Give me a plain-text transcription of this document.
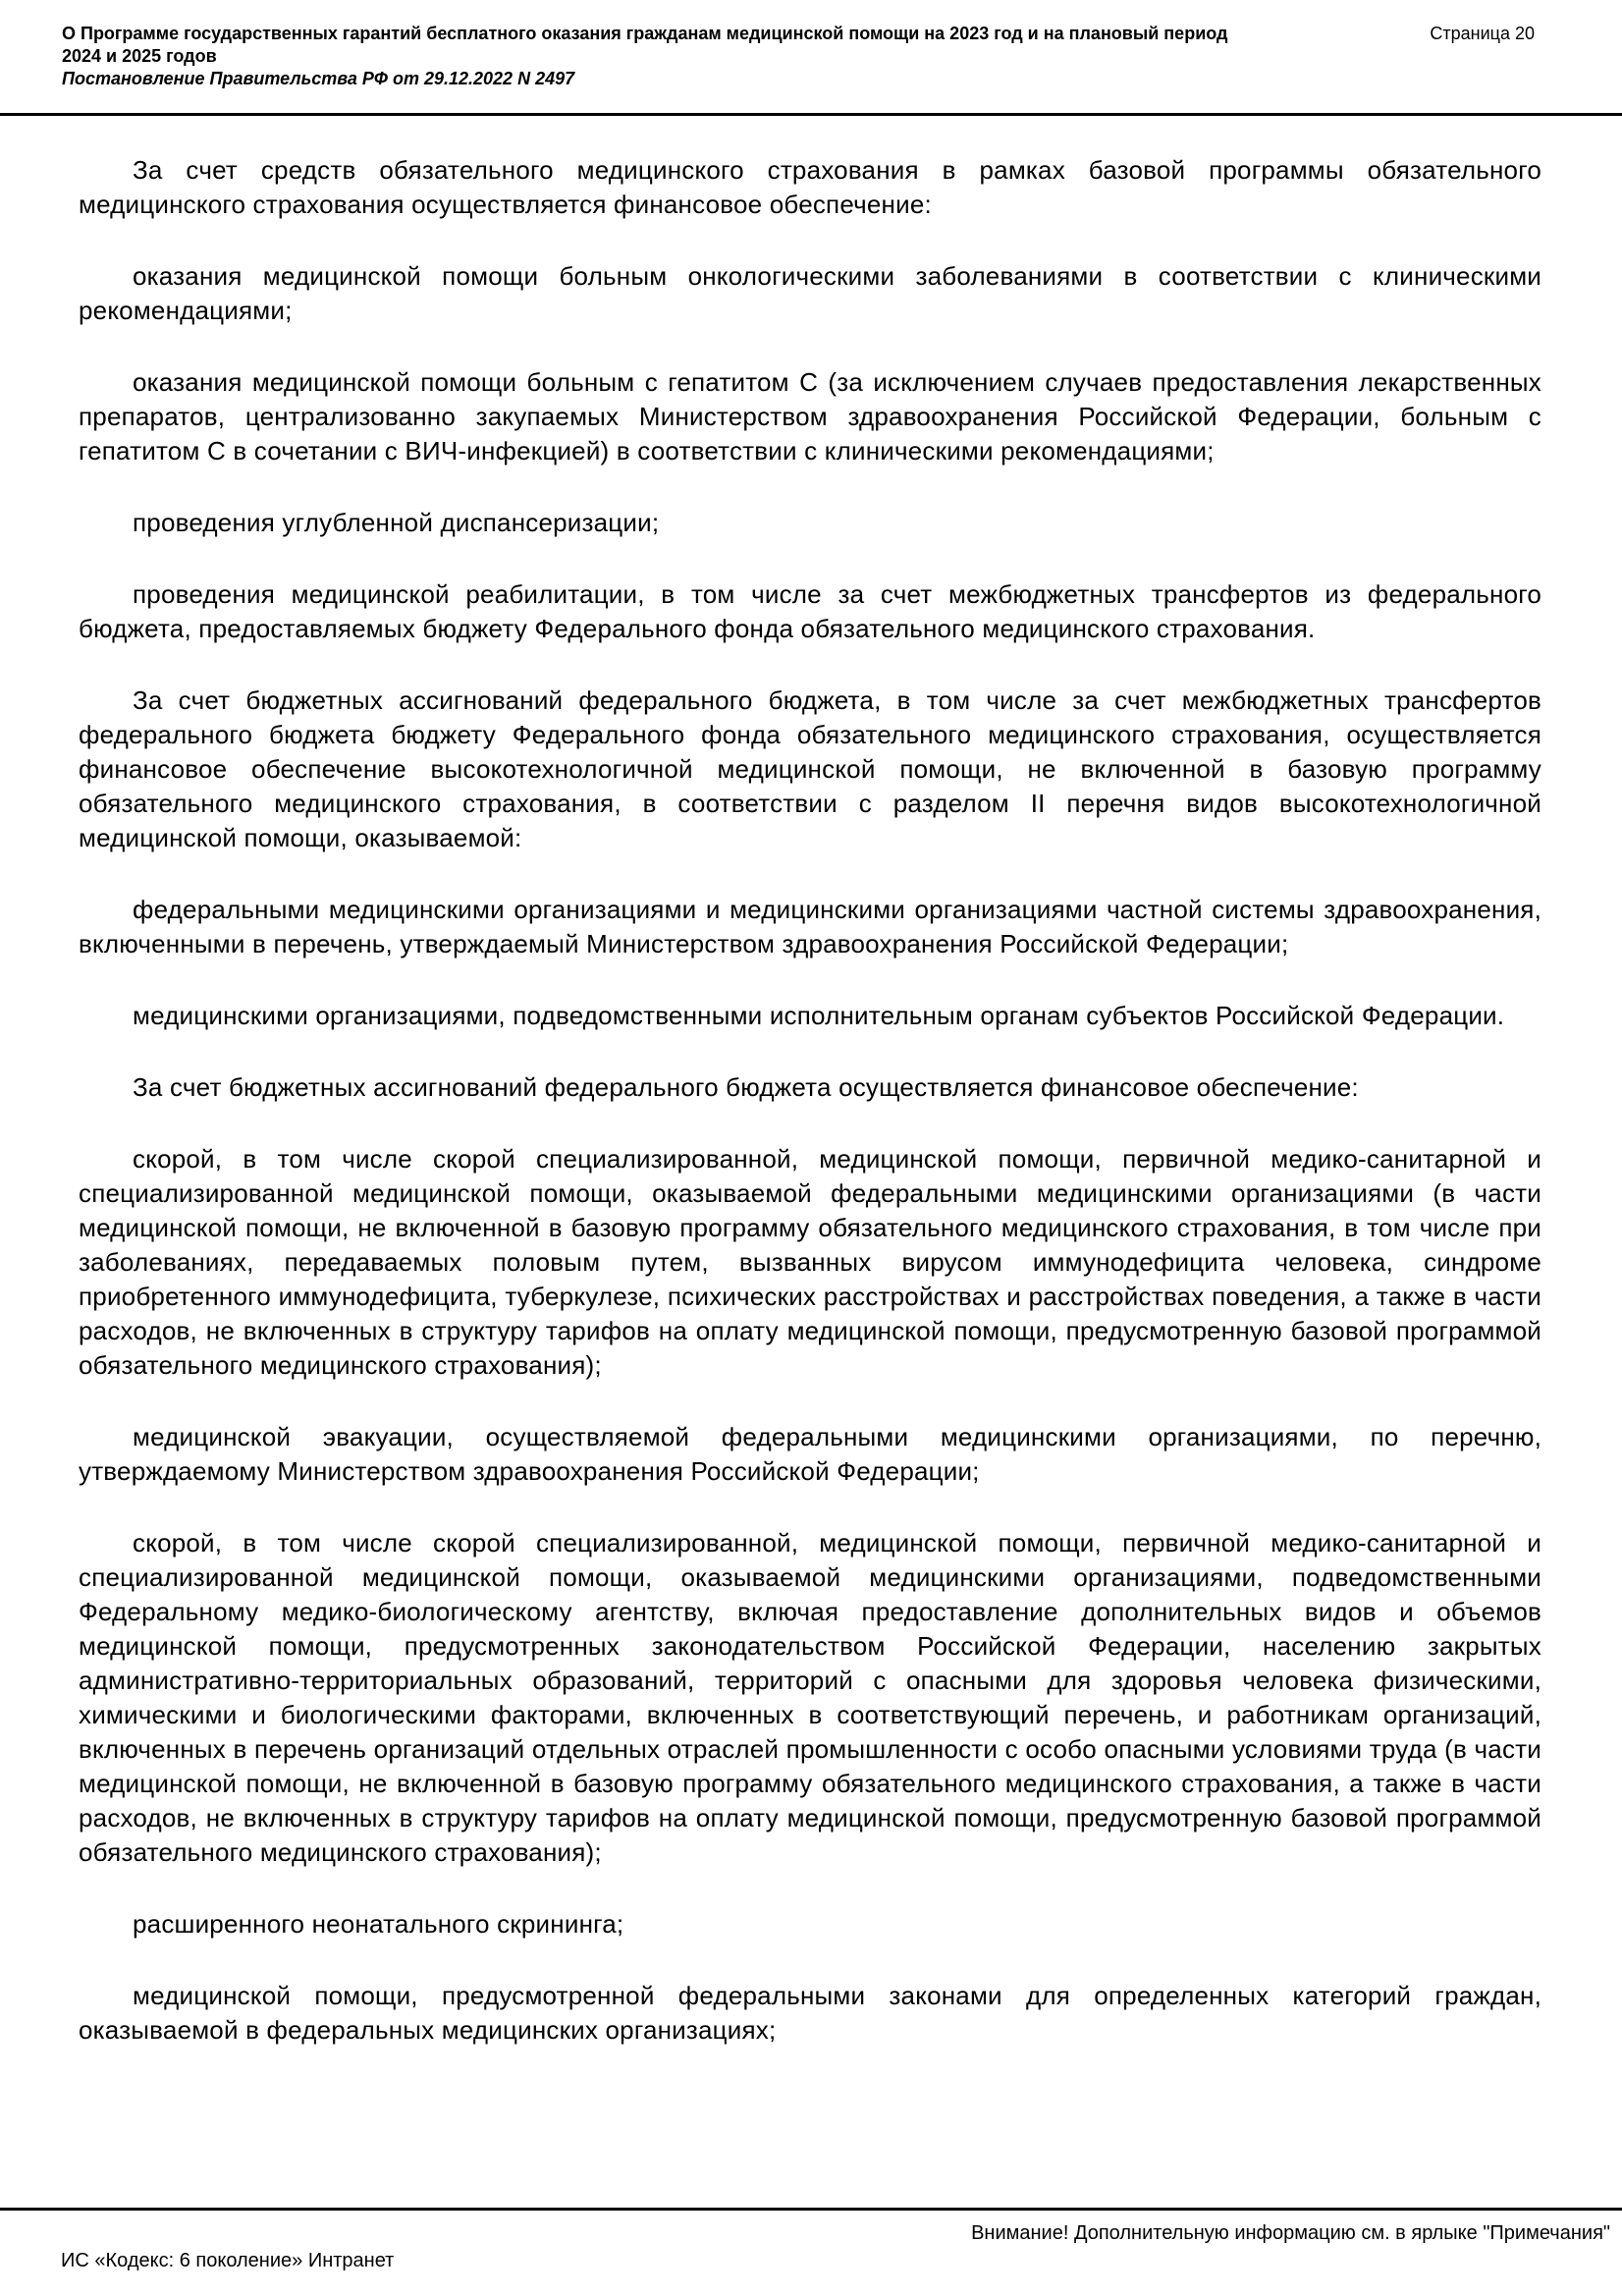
О Программе государственных гарантий бесплатного оказания гражданам медицинской помощи на 2023 год и на плановый период 2024 и 2025 годов
Постановление Правительства РФ от 29.12.2022 N 2497
Страница 20

За счет средств обязательного медицинского страхования в рамках базовой программы обязательного медицинского страхования осуществляется финансовое обеспечение:

оказания медицинской помощи больным онкологическими заболеваниями в соответствии с клиническими рекомендациями;

оказания медицинской помощи больным с гепатитом С (за исключением случаев предоставления лекарственных препаратов, централизованно закупаемых Министерством здравоохранения Российской Федерации, больным с гепатитом С в сочетании с ВИЧ-инфекцией) в соответствии с клиническими рекомендациями;

проведения углубленной диспансеризации;

проведения медицинской реабилитации, в том числе за счет межбюджетных трансфертов из федерального бюджета, предоставляемых бюджету Федерального фонда обязательного медицинского страхования.

За счет бюджетных ассигнований федерального бюджета, в том числе за счет межбюджетных трансфертов федерального бюджета бюджету Федерального фонда обязательного медицинского страхования, осуществляется финансовое обеспечение высокотехнологичной медицинской помощи, не включенной в базовую программу обязательного медицинского страхования, в соответствии с разделом II перечня видов высокотехнологичной медицинской помощи, оказываемой:

федеральными медицинскими организациями и медицинскими организациями частной системы здравоохранения, включенными в перечень, утверждаемый Министерством здравоохранения Российской Федерации;

медицинскими организациями, подведомственными исполнительным органам субъектов Российской Федерации.

За счет бюджетных ассигнований федерального бюджета осуществляется финансовое обеспечение:

скорой, в том числе скорой специализированной, медицинской помощи, первичной медико-санитарной и специализированной медицинской помощи, оказываемой федеральными медицинскими организациями (в части медицинской помощи, не включенной в базовую программу обязательного медицинского страхования, в том числе при заболеваниях, передаваемых половым путем, вызванных вирусом иммунодефицита человека, синдроме приобретенного иммунодефицита, туберкулезе, психических расстройствах и расстройствах поведения, а также в части расходов, не включенных в структуру тарифов на оплату медицинской помощи, предусмотренную базовой программой обязательного медицинского страхования);

медицинской эвакуации, осуществляемой федеральными медицинскими организациями, по перечню, утверждаемому Министерством здравоохранения Российской Федерации;

скорой, в том числе скорой специализированной, медицинской помощи, первичной медико-санитарной и специализированной медицинской помощи, оказываемой медицинскими организациями, подведомственными Федеральному медико-биологическому агентству, включая предоставление дополнительных видов и объемов медицинской помощи, предусмотренных законодательством Российской Федерации, населению закрытых административно-территориальных образований, территорий с опасными для здоровья человека физическими, химическими и биологическими факторами, включенных в соответствующий перечень, и работникам организаций, включенных в перечень организаций отдельных отраслей промышленности с особо опасными условиями труда (в части медицинской помощи, не включенной в базовую программу обязательного медицинского страхования, а также в части расходов, не включенных в структуру тарифов на оплату медицинской помощи, предусмотренную базовой программой обязательного медицинского страхования);

расширенного неонатального скрининга;

медицинской помощи, предусмотренной федеральными законами для определенных категорий граждан, оказываемой в федеральных медицинских организациях;

Внимание! Дополнительную информацию см. в ярлыке "Примечания"
ИС «Кодекс: 6 поколение» Интранет
